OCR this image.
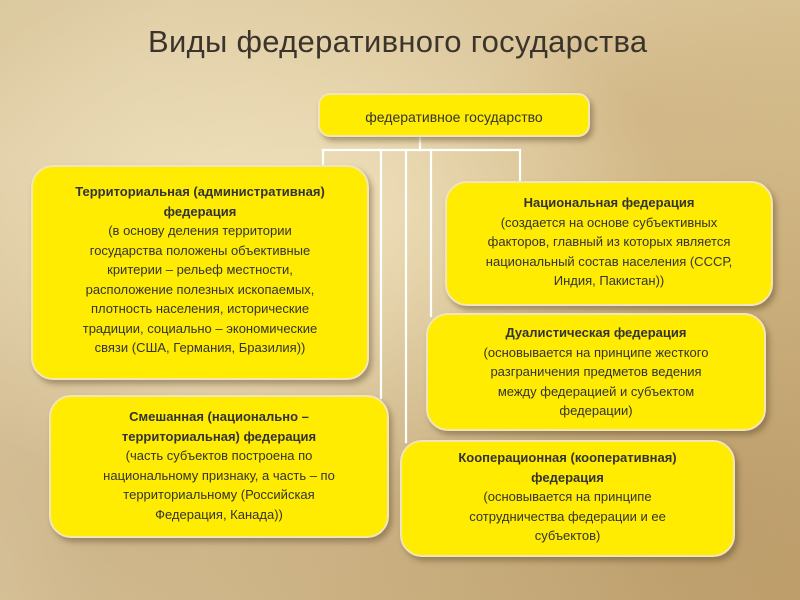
Виды федеративного государства
федеративное государство
Территориальная (административная)
федерация
(в основу деления территории
государства положены объективные
критерии – рельеф местности,
расположение полезных ископаемых,
плотность населения, исторические
традиции, социально – экономические
связи (США, Германия, Бразилия))
Национальная федерация
(создается на основе субъективных
факторов, главный из которых является
национальный состав населения (СССР,
Индия, Пакистан))
Дуалистическая федерация
(основывается на принципе жесткого
разграничения предметов ведения
между федерацией и субъектом
федерации)
Смешанная (национально –
территориальная) федерация
(часть субъектов построена по
национальному признаку, а часть – по
территориальному (Российская
Федерация, Канада))
Кооперационная (кооперативная)
федерация
(основывается на принципе
сотрудничества федерации и ее
субъектов)
